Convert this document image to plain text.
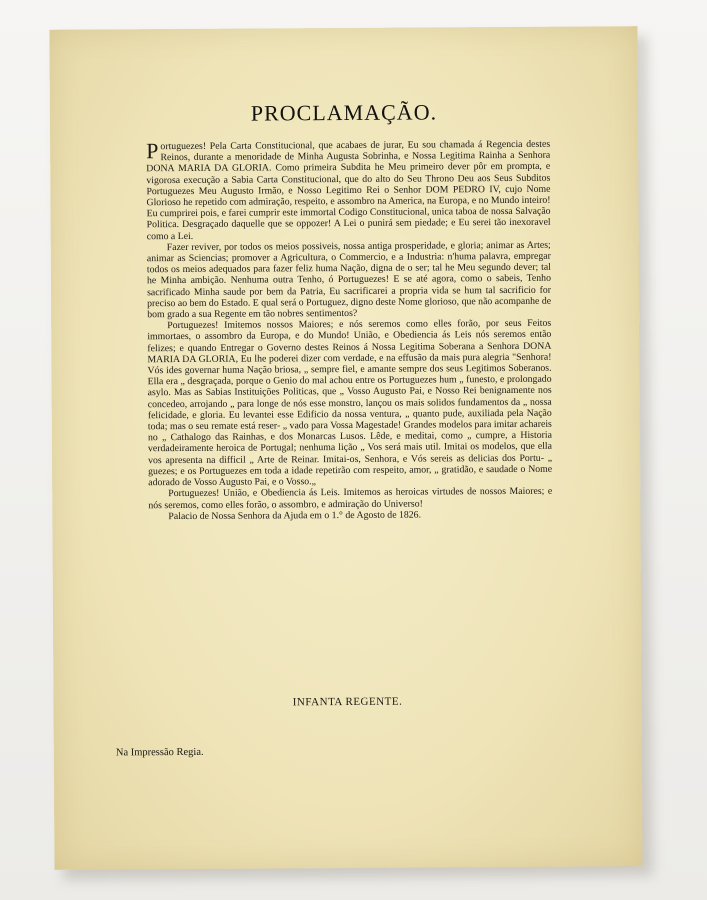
PROCLAMAÇÃO.

Portuguezes! Pela Carta Constitucional, que acabaes de jurar, Eu sou chamada á Regencia destes Reinos, durante a menoridade de Minha Augusta Sobrinha, e Nossa Legitima Rainha a Senhora DONA MARIA DA GLORIA. Como primeira Subdita he Meu primeiro dever pôr em prompta, e vigorosa execução a Sabia Carta Constitucional, que do alto do Seu Throno Deu aos Seus Subditos Portuguezes Meu Augusto Irmão, e Nosso Legitimo Rei o Senhor DOM PEDRO IV, cujo Nome Glorioso he repetido com admiração, respeito, e assombro na America, na Europa, e no Mundo inteiro! Eu cumprirei pois, e farei cumprir este immortal Codigo Constitucional, unica taboa de nossa Salvação Politica. Desgraçado daquelle que se oppozer! A Lei o punirá sem piedade; e Eu serei tão inexoravel como a Lei.

Fazer reviver, por todos os meios possiveis, nossa antiga prosperidade, e gloria; animar as Artes; animar as Sciencias; promover a Agricultura, o Commercio, e a Industria: n'huma palavra, empregar todos os meios adequados para fazer feliz huma Nação, digna de o ser; tal he Meu segundo dever; tal he Minha ambição. Nenhuma outra Tenho, ó Portuguezes! E se até agora, como o sabeis, Tenho sacrificado Minha saude por bem da Patria, Eu sacrificarei a propria vida se hum tal sacrificio for preciso ao bem do Estado. E qual será o Portuguez, digno deste Nome glorioso, que não acompanhe de bom grado a sua Regente em tão nobres sentimentos?

Portuguezes! Imitemos nossos Maiores; e nós seremos como elles forão, por seus Feitos immortaes, o assombro da Europa, e do Mundo! União, e Obediencia ás Leis nós seremos então felizes; e quando Entregar o Governo destes Reinos á Nossa Legitima Soberana a Senhora DONA MARIA DA GLORIA, Eu lhe poderei dizer com verdade, e na effusão da mais pura alegria "Senhora! Vós ides governar huma Nação briosa, „ sempre fiel, e amante sempre dos seus Legitimos Soberanos. Ella era „ desgraçada, porque o Genio do mal achou entre os Portuguezes hum „ funesto, e prolongado asylo. Mas as Sabias Instituições Politicas, que „ Vosso Augusto Pai, e Nosso Rei benignamente nos concedeo, arrojando „ para longe de nós esse monstro, lançou os mais solidos fundamentos da „ nossa felicidade, e gloria. Eu levantei esse Edificio da nossa ventura, „ quanto pude, auxiliada pela Nação toda; mas o seu remate está reser- „ vado para Vossa Magestade! Grandes modelos para imitar achareis no „ Cathalogo das Rainhas, e dos Monarcas Lusos. Lêde, e meditai, como „ cumpre, a Historia verdadeiramente heroica de Portugal; nenhuma lição „ Vos será mais util. Imitai os modelos, que ella vos apresenta na difficil „ Arte de Reinar. Imitai-os, Senhora, e Vós sereis as delicias dos Portu- „ guezes; e os Portuguezes em toda a idade repetirão com respeito, amor, „ gratidão, e saudade o Nome adorado de Vosso Augusto Pai, e o Vosso.„

Portuguezes! União, e Obediencia ás Leis. Imitemos as heroicas virtudes de nossos Maiores; e nós seremos, como elles forão, o assombro, e admiração do Universo!

Palacio de Nossa Senhora da Ajuda em o 1.° de Agosto de 1826.

INFANTA REGENTE.
Na Impressão Regia.
